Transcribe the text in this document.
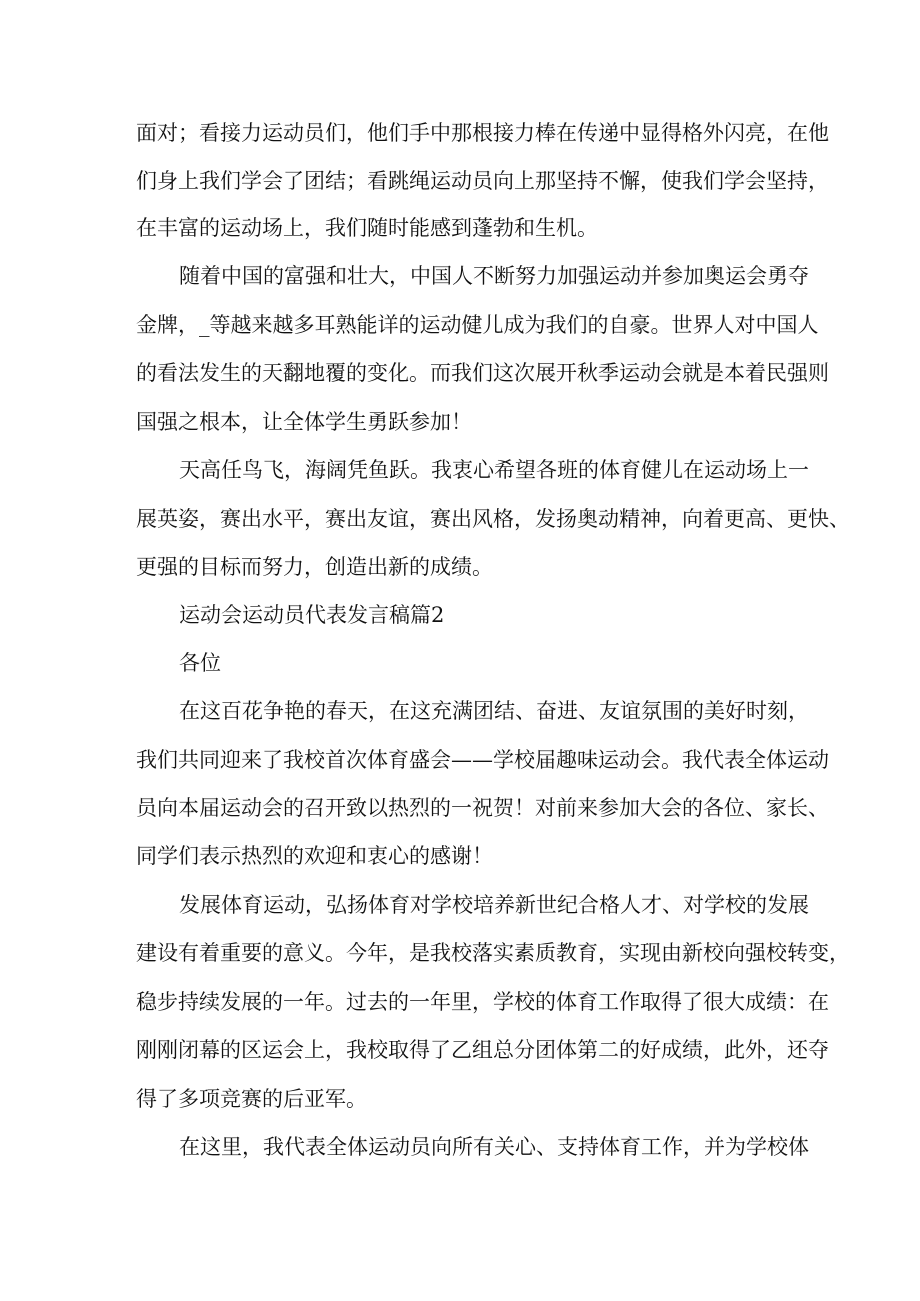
面对；看接力运动员们，他们手中那根接力棒在传递中显得格外闪亮，在他
们身上我们学会了团结；看跳绳运动员向上那坚持不懈，使我们学会坚持，
在丰富的运动场上，我们随时能感到蓬勃和生机。
随着中国的富强和壮大，中国人不断努力加强运动并参加奥运会勇夺
金牌，_等越来越多耳熟能详的运动健儿成为我们的自豪。世界人对中国人
的看法发生的天翻地覆的变化。而我们这次展开秋季运动会就是本着民强则
国强之根本，让全体学生勇跃参加！
天高任鸟飞，海阔凭鱼跃。我衷心希望各班的体育健儿在运动场上一
展英姿，赛出水平，赛出友谊，赛出风格，发扬奥动精神，向着更高、更快、
更强的目标而努力，创造出新的成绩。
运动会运动员代表发言稿篇2
各位
在这百花争艳的春天，在这充满团结、奋进、友谊氛围的美好时刻，
我们共同迎来了我校首次体育盛会——学校届趣味运动会。我代表全体运动
员向本届运动会的召开致以热烈的一祝贺！对前来参加大会的各位、家长、
同学们表示热烈的欢迎和衷心的感谢！
发展体育运动，弘扬体育对学校培养新世纪合格人才、对学校的发展
建设有着重要的意义。今年，是我校落实素质教育，实现由新校向强校转变，
稳步持续发展的一年。过去的一年里，学校的体育工作取得了很大成绩：在
刚刚闭幕的区运会上，我校取得了乙组总分团体第二的好成绩，此外，还夺
得了多项竞赛的后亚军。
在这里，我代表全体运动员向所有关心、支持体育工作，并为学校体
